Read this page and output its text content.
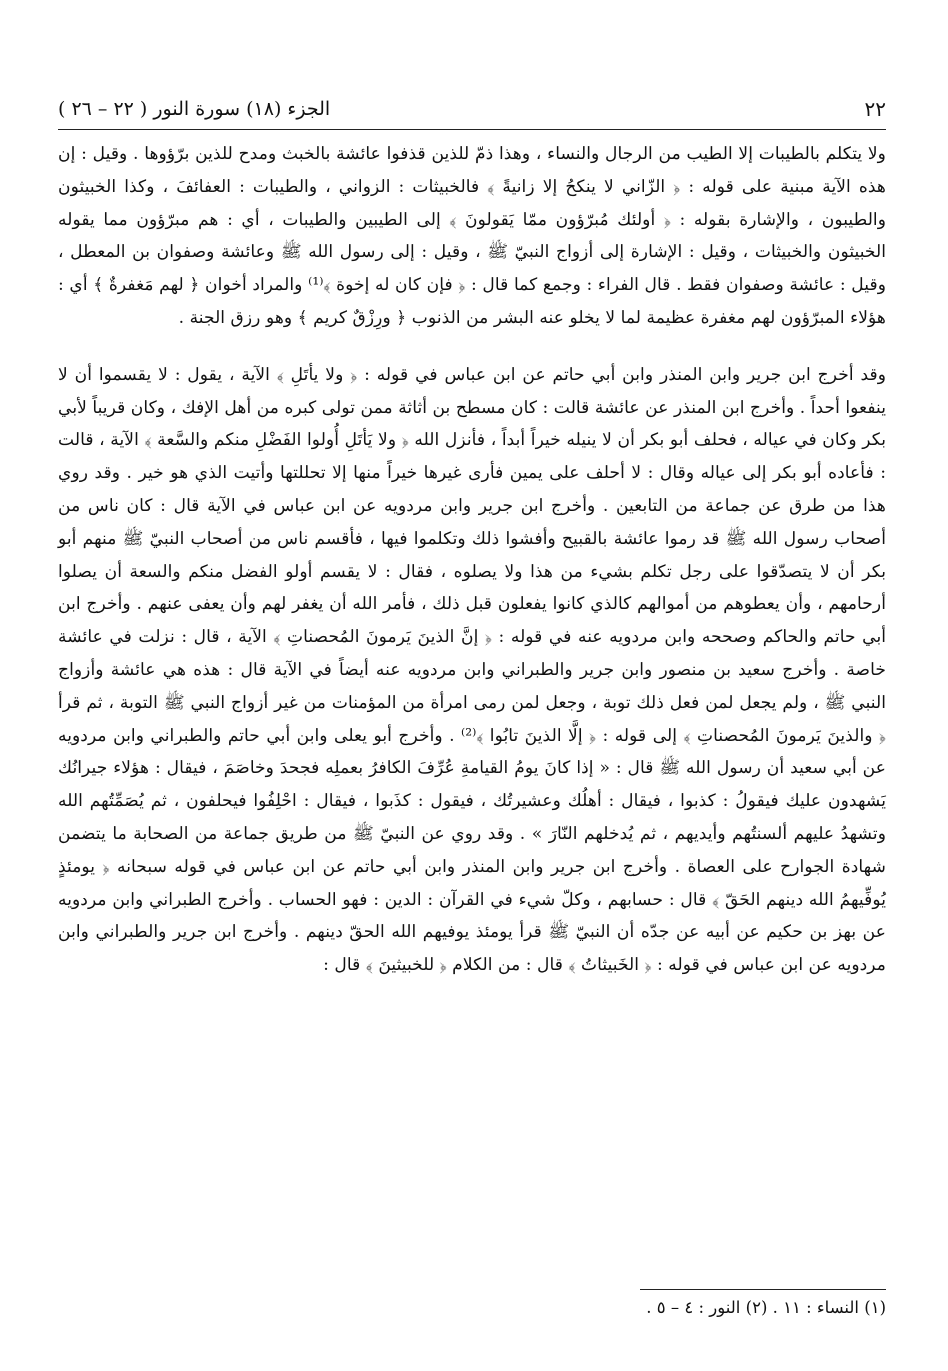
٢٢
الجزء (١٨) سورة النور ( ٢٢ – ٢٦ )

ولا يتكلم بالطيبات إلا الطيب من الرجال والنساء ، وهذا ذمّ للذين قذفوا عائشة بالخبث ومدح للذين برّؤوها . وقيل : إن هذه الآية مبنية على قوله : ﴿ الزّاني لا ينكحُ إلا زانيةً ﴾ فالخبيثات : الزواني ، والطيبات : العفائفَ ، وكذا الخبيثون والطيبون ، والإشارة بقوله : ﴿ أولئك مُبرّؤون ممّا يَقولونَ ﴾ إلى الطيبين والطيبات ، أي : هم مبرّؤون مما يقوله الخبيثون والخبيثات ، وقيل : الإشارة إلى أزواج النبيّ ﷺ ، وقيل : إلى رسول الله ﷺ وعائشة وصفوان بن المعطل ، وقيل : عائشة وصفوان فقط . قال الفراء : وجمع كما قال : ﴿ فإن كان له إخوة ﴾⁽¹⁾ والمراد أخوان ﴿ لهم مَغفرةٌ ﴾ أي : هؤلاء المبرّؤون لهم مغفرة عظيمة لما لا يخلو عنه البشر من الذنوب ﴿ ورِزْقٌ كريم ﴾ وهو رزق الجنة .

وقد أخرج ابن جرير وابن المنذر وابن أبي حاتم عن ابن عباس في قوله : ﴿ ولا يأتَلِ ﴾ الآية ، يقول : لا يقسموا أن لا ينفعوا أحداً . وأخرج ابن المنذر عن عائشة قالت : كان مسطح بن أثاثة ممن تولى كبره من أهل الإفك ، وكان قريباً لأبي بكر وكان في عياله ، فحلف أبو بكر أن لا ينيله خيراً أبداً ، فأنزل الله ﴿ ولا يَأتَلِ أُولوا الفَضْلِ منكم والسَّعة ﴾ الآية ، قالت : فأعاده أبو بكر إلى عياله وقال : لا أحلف على يمين فأرى غيرها خيراً منها إلا تحللتها وأتيت الذي هو خير . وقد روي هذا من طرق عن جماعة من التابعين . وأخرج ابن جرير وابن مردويه عن ابن عباس في الآية قال : كان ناس من أصحاب رسول الله ﷺ قد رموا عائشة بالقبيح وأفشوا ذلك وتكلموا فيها ، فأقسم ناس من أصحاب النبيّ ﷺ منهم أبو بكر أن لا يتصدّقوا على رجل تكلم بشيء من هذا ولا يصلوه ، فقال : لا يقسم أولو الفضل منكم والسعة أن يصلوا أرحامهم ، وأن يعطوهم من أموالهم كالذي كانوا يفعلون قبل ذلك ، فأمر الله أن يغفر لهم وأن يعفى عنهم . وأخرج ابن أبي حاتم والحاكم وصححه وابن مردويه عنه في قوله : ﴿ إنَّ الذينَ يَرمونَ المُحصناتِ ﴾ الآية ، قال : نزلت في عائشة خاصة . وأخرج سعيد بن منصور وابن جرير والطبراني وابن مردويه عنه أيضاً في الآية قال : هذه هي عائشة وأزواج النبي ﷺ ، ولم يجعل لمن فعل ذلك توبة ، وجعل لمن رمى امرأة من المؤمنات من غير أزواج النبي ﷺ التوبة ، ثم قرأ ﴿ والذينَ يَرمونَ المُحصناتِ ﴾ إلى قوله : ﴿ إلَّا الذينَ تابُوا ﴾⁽²⁾ . وأخرج أبو يعلى وابن أبي حاتم والطبراني وابن مردويه عن أبي سعيد أن رسول الله ﷺ قال : « إذا كانَ يومُ القيامةِ عُرِّفَ الكافرُ بعملِه فجحدَ وخاصَمَ ، فيقال : هؤلاء جيرانُك يَشهدون عليك فيقولُ : كذبوا ، فيقال : أهلُك وعشيرتُك ، فيقول : كذَبوا ، فيقال : احْلِفُوا فيحلفون ، ثم يُصَمِّتُهم الله وتشهدُ عليهم ألسنتُهم وأيديهم ، ثم يُدخلهم النّارَ » . وقد روي عن النبيّ ﷺ من طريق جماعة من الصحابة ما يتضمن شهادة الجوارح على العصاة . وأخرج ابن جرير وابن المنذر وابن أبي حاتم عن ابن عباس في قوله سبحانه ﴿ يومئذٍ يُوفِّيهمُ الله دينهم الحَقّ ﴾ قال : حسابهم ، وكلّ شيء في القرآن : الدين : فهو الحساب . وأخرج الطبراني وابن مردويه عن بهز بن حكيم عن أبيه عن جدّه أن النبيّ ﷺ قرأ يومئذ يوفيهم الله الحقّ دينهم . وأخرج ابن جرير والطبراني وابن مردويه عن ابن عباس في قوله : ﴿ الخَبيثاتُ ﴾ قال : من الكلام ﴿ للخبيثينَ ﴾ قال :

(١) النساء : ١١ . (٢) النور : ٤ – ٥ .
